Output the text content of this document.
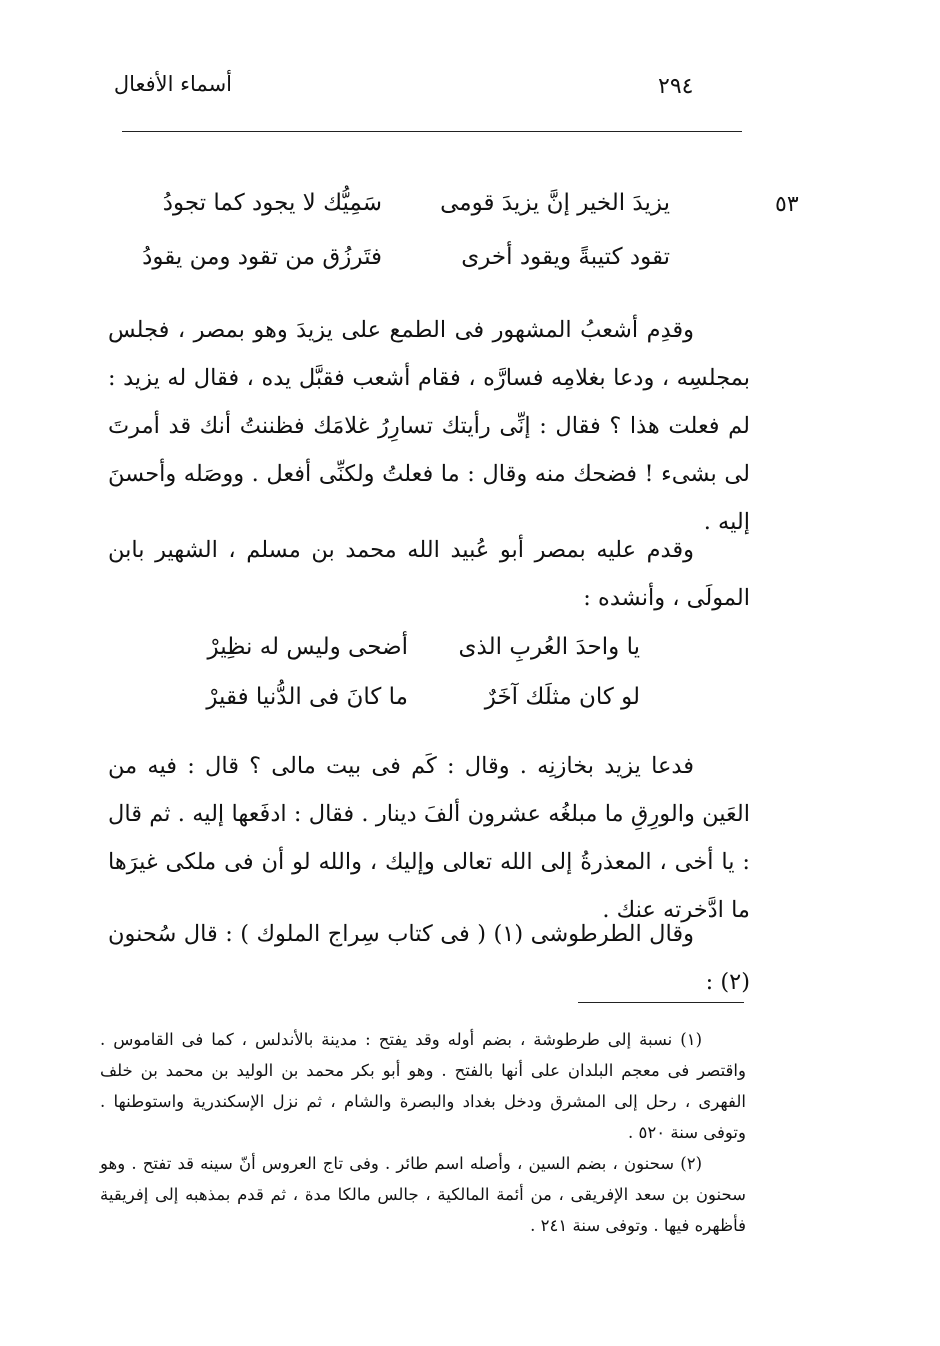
أسماء الأفعال	٢٩٤
٥٣
يزيدَ الخير إنَّ يزيدَ قومى
سَمِيُّك لا يجود كما تجودُ
تقود كتيبةً ويقود أخرى
فتَرزُق من تقود ومن يقودُ

وقدِم أشعبُ المشهور فى الطمع على يزيدَ وهو بمصر ، فجلس بمجلسِه ، ودعا بغلامِه فسارَّه ، فقام أشعب فقبَّل يده ، فقال له يزيد : لم فعلت هذا ؟ فقال : إنِّى رأيتك تسارِرُ غلامَك فظننتُ أنك قد أمرتَ لى بشىء ! فضحك منه وقال : ما فعلتُ ولكنِّى أفعل . ووصَله وأحسنَ إليه .

وقدم عليه بمصر أبو عُبيد الله محمد بن مسلم ، الشهير بابن المولَى ، وأنشده :

يا واحدَ العُربِ الذى
أضحى وليس له نظِيرْ
لو كان مثلَك آخَرٌ
ما كانَ فى الدُّنيا فقيرْ

فدعا يزيد بخازنِه . وقال : كَم فى بيت مالى ؟ قال : فيه من العَين والورِقِ ما مبلغُه عشرون ألفَ دينار . فقال : ادفَعها إليه . ثم قال : يا أخى ، المعذرةُ إلى الله تعالى وإليك ، والله لو أن فى ملكى غيرَها ما ادَّخرته عنك .

وقال الطرطوشى (١) ( فى كتاب سِراج الملوك ) : قال سُحنون (٢) :

(١) نسبة إلى طرطوشة ، بضم أوله وقد يفتح : مدينة بالأندلس ، كما فى القاموس . واقتصر فى معجم البلدان على أنها بالفتح . وهو أبو بكر محمد بن الوليد بن محمد بن خلف الفهرى ، رحل إلى المشرق ودخل بغداد والبصرة والشام ، ثم نزل الإسكندرية واستوطنها . وتوفى سنة ٥٢٠ .

(٢) سحنون ، بضم السين ، وأصله اسم طائر . وفى تاج العروس أنّ سينه قد تفتح . وهو سحنون بن سعد الإفريقى ، من أئمة المالكية ، جالس مالكا مدة ، ثم قدم بمذهبه إلى إفريقية فأظهره فيها . وتوفى سنة ٢٤١ .
